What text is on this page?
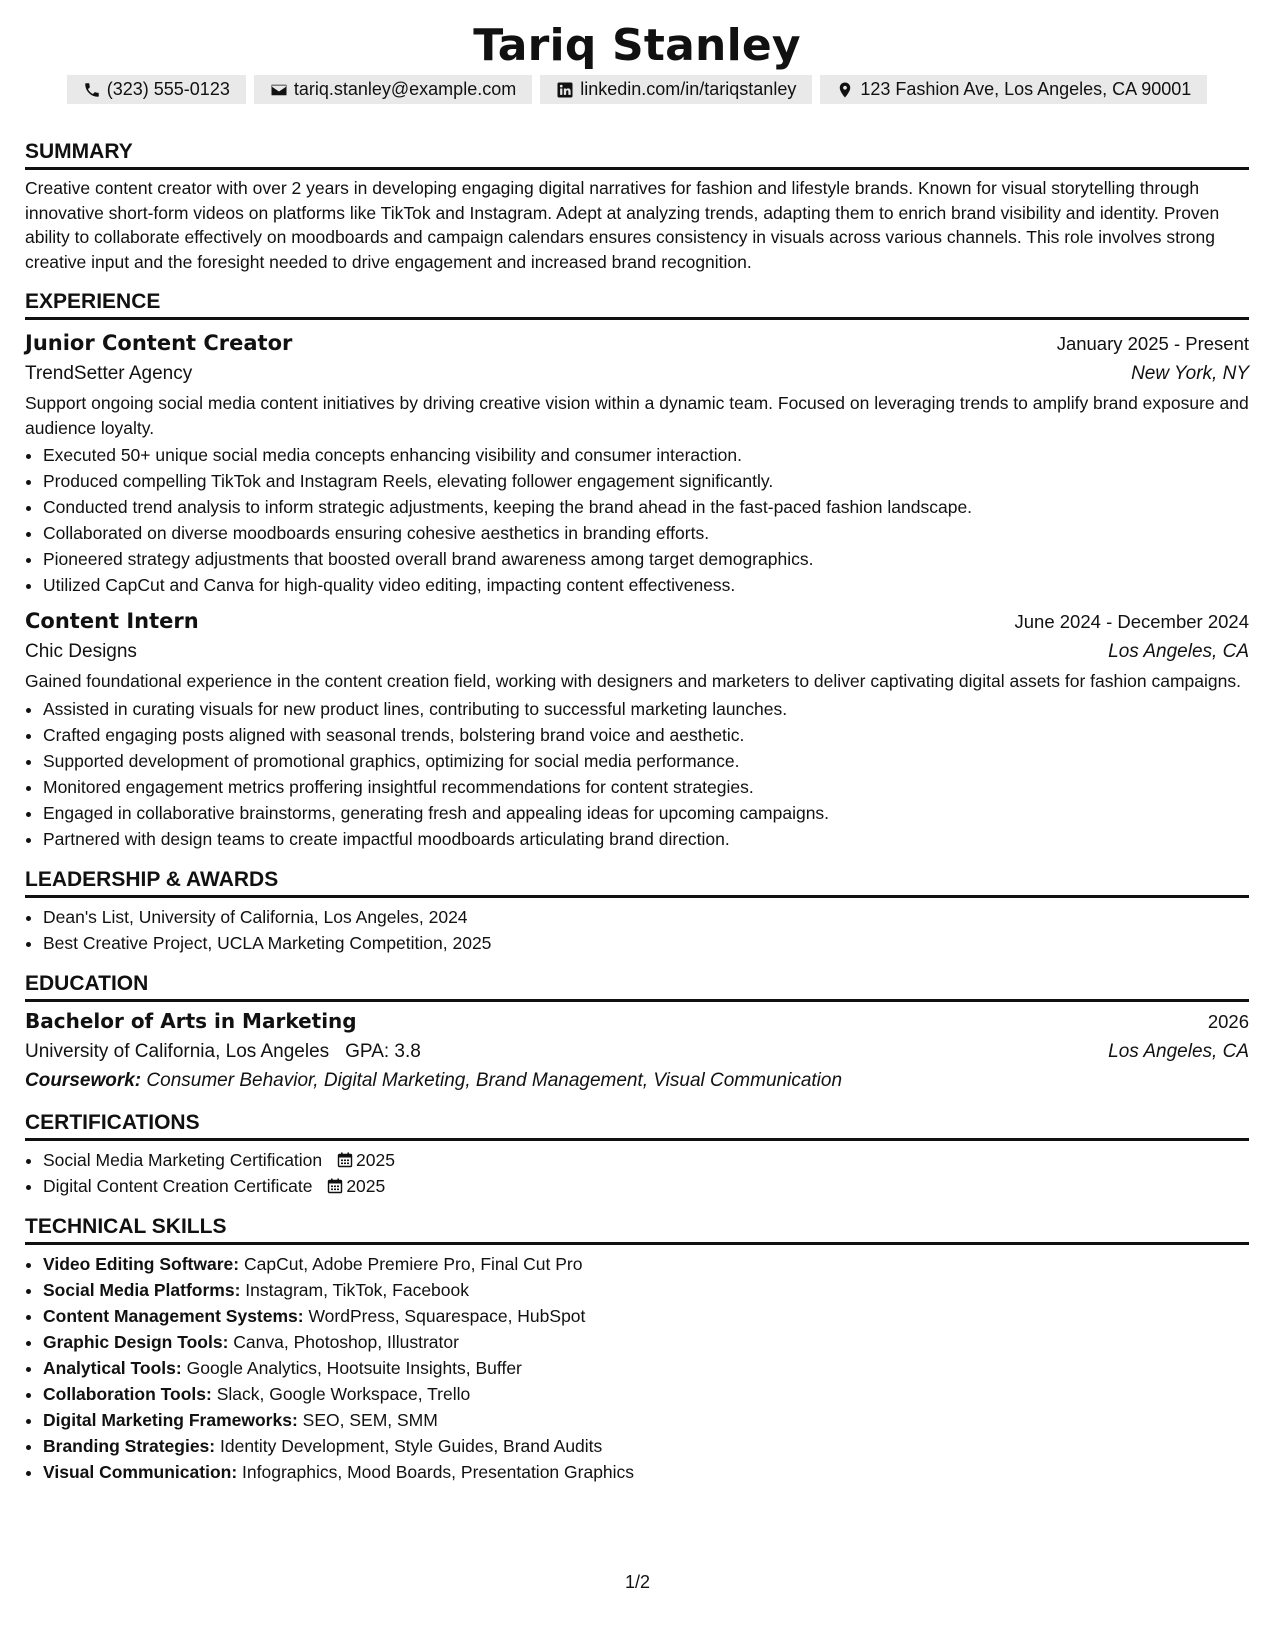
Tariq Stanley
(323) 555-0123	tariq.stanley@example.com	linkedin.com/in/tariqstanley	123 Fashion Ave, Los Angeles, CA 90001
SUMMARY

Creative content creator with over 2 years in developing engaging digital narratives for fashion and lifestyle brands. Known for visual storytelling through innovative short-form videos on platforms like TikTok and Instagram. Adept at analyzing trends, adapting them to enrich brand visibility and identity. Proven ability to collaborate effectively on moodboards and campaign calendars ensures consistency in visuals across various channels. This role involves strong creative input and the foresight needed to drive engagement and increased brand recognition.

EXPERIENCE
Junior Content Creator	January 2025 - Present
TrendSetter Agency	New York, NY

Support ongoing social media content initiatives by driving creative vision within a dynamic team. Focused on leveraging trends to amplify brand exposure and audience loyalty.

• Executed 50+ unique social media concepts enhancing visibility and consumer interaction.
• Produced compelling TikTok and Instagram Reels, elevating follower engagement significantly.
• Conducted trend analysis to inform strategic adjustments, keeping the brand ahead in the fast-paced fashion landscape.
• Collaborated on diverse moodboards ensuring cohesive aesthetics in branding efforts.
• Pioneered strategy adjustments that boosted overall brand awareness among target demographics.
• Utilized CapCut and Canva for high-quality video editing, impacting content effectiveness.
Content Intern	June 2024 - December 2024
Chic Designs	Los Angeles, CA

Gained foundational experience in the content creation field, working with designers and marketers to deliver captivating digital assets for fashion campaigns.

• Assisted in curating visuals for new product lines, contributing to successful marketing launches.
• Crafted engaging posts aligned with seasonal trends, bolstering brand voice and aesthetic.
• Supported development of promotional graphics, optimizing for social media performance.
• Monitored engagement metrics proffering insightful recommendations for content strategies.
• Engaged in collaborative brainstorms, generating fresh and appealing ideas for upcoming campaigns.
• Partnered with design teams to create impactful moodboards articulating brand direction.
LEADERSHIP & AWARDS
• Dean's List, University of California, Los Angeles, 2024
• Best Creative Project, UCLA Marketing Competition, 2025
EDUCATION
Bachelor of Arts in Marketing	2026
University of California, Los Angeles GPA: 3.8	Los Angeles, CA
Coursework: Consumer Behavior, Digital Marketing, Brand Management, Visual Communication
CERTIFICATIONS
• Social Media Marketing Certification 2025
• Digital Content Creation Certificate 2025
TECHNICAL SKILLS
• Video Editing Software: CapCut, Adobe Premiere Pro, Final Cut Pro
• Social Media Platforms: Instagram, TikTok, Facebook
• Content Management Systems: WordPress, Squarespace, HubSpot
• Graphic Design Tools: Canva, Photoshop, Illustrator
• Analytical Tools: Google Analytics, Hootsuite Insights, Buffer
• Collaboration Tools: Slack, Google Workspace, Trello
• Digital Marketing Frameworks: SEO, SEM, SMM
• Branding Strategies: Identity Development, Style Guides, Brand Audits
• Visual Communication: Infographics, Mood Boards, Presentation Graphics
1/2
